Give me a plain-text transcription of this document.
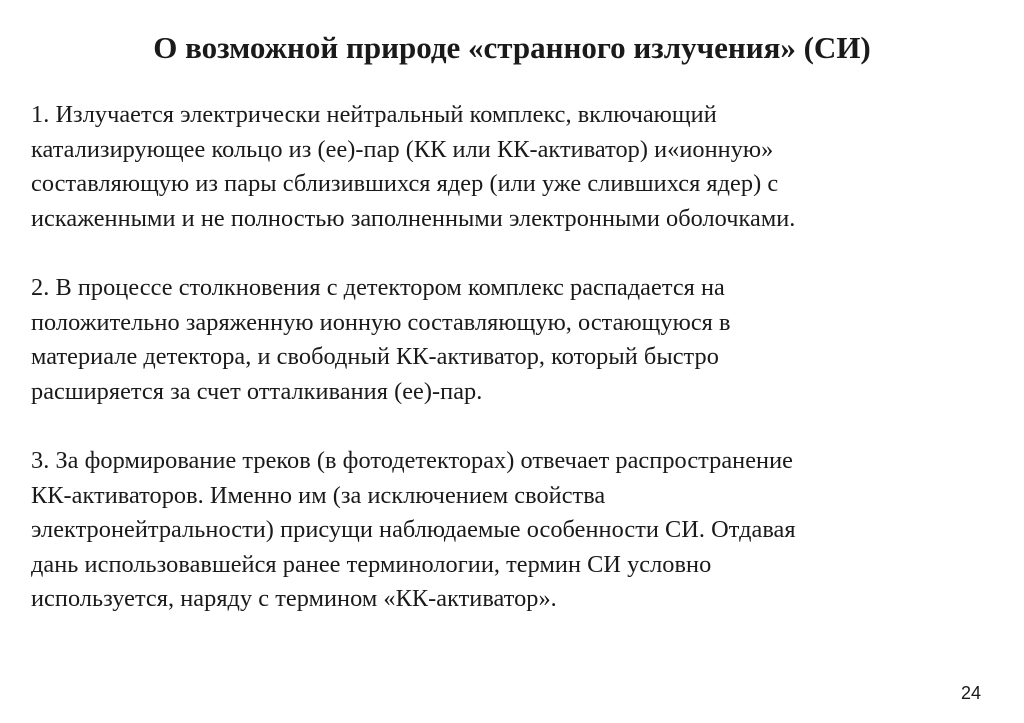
О возможной природе «странного излучения» (СИ)

1. Излучается электрически нейтральный комплекс, включающий
катализирующее кольцо из (ее)-пар (КК или КК-активатор) и«ионную»
составляющую из пары сблизившихся ядер (или уже слившихся ядер) с
искаженными и не полностью заполненными электронными оболочками.

2. В процессе столкновения с детектором комплекс распадается на
положительно заряженную ионную составляющую, остающуюся в
материале детектора, и свободный КК-активатор, который быстро
расширяется за счет отталкивания (ее)-пар.

3. За формирование треков (в фотодетекторах) отвечает распространение
КК-активаторов. Именно им (за исключением свойства
электронейтральности) присущи наблюдаемые особенности СИ. Отдавая
дань использовавшейся ранее терминологии, термин СИ условно
используется, наряду с термином «КК-активатор».

24
